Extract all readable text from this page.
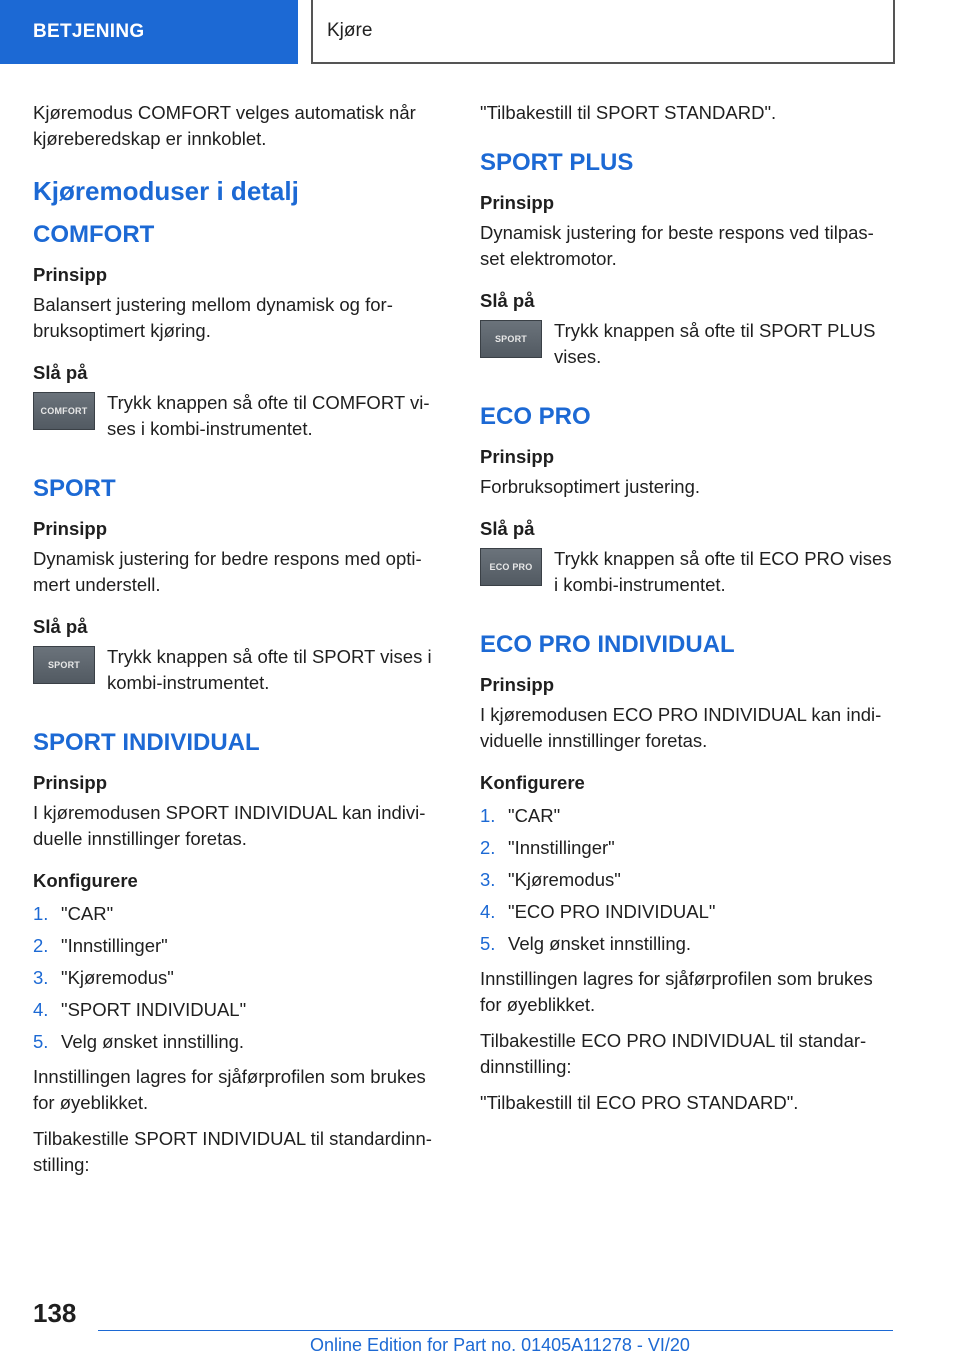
BETJENING	Kjøre

Kjøremodus COMFORT velges automatisk når kjøreberedskap er innkoblet.

Kjøremoduser i detalj
COMFORT
Prinsipp

Balansert justering mellom dynamisk og forbruksoptimert kjøring.

Slå på
COMFORT	Trykk knappen så ofte til COMFORT vises i kombi-instrumentet.
SPORT
Prinsipp

Dynamisk justering for bedre respons med optimert understell.

Slå på
SPORT	Trykk knappen så ofte til SPORT vises i kombi-instrumentet.
SPORT INDIVIDUAL
Prinsipp

I kjøremodusen SPORT INDIVIDUAL kan individuelle innstillinger foretas.

Konfigurere
1. "CAR"
2. "Innstillinger"
3. "Kjøremodus"
4. "SPORT INDIVIDUAL"
5. Velg ønsket innstilling.

Innstillingen lagres for sjåførprofilen som brukes for øyeblikket.

Tilbakestille SPORT INDIVIDUAL til standardinnstilling:

"Tilbakestill til SPORT STANDARD".

SPORT PLUS
Prinsipp

Dynamisk justering for beste respons ved tilpasset elektromotor.

Slå på
SPORT	Trykk knappen så ofte til SPORT PLUS vises.
ECO PRO
Prinsipp

Forbruksoptimert justering.

Slå på
ECO PRO	Trykk knappen så ofte til ECO PRO vises i kombi-instrumentet.
ECO PRO INDIVIDUAL
Prinsipp

I kjøremodusen ECO PRO INDIVIDUAL kan individuelle innstillinger foretas.

Konfigurere
1. "CAR"
2. "Innstillinger"
3. "Kjøremodus"
4. "ECO PRO INDIVIDUAL"
5. Velg ønsket innstilling.

Innstillingen lagres for sjåførprofilen som brukes for øyeblikket.

Tilbakestille ECO PRO INDIVIDUAL til standardinnstilling:

"Tilbakestill til ECO PRO STANDARD".

138
Online Edition for Part no. 01405A11278 - VI/20
